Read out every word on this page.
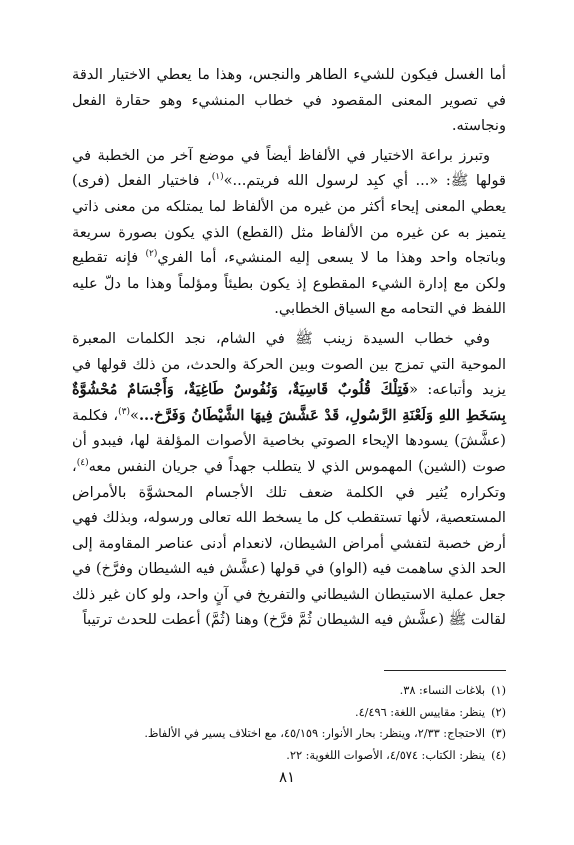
أما الغسل فيكون للشيء الطاهر والنجس، وهذا ما يعطي الاختيار الدقة في تصوير المعنى المقصود في خطاب المنشيء وهو حقارة الفعل ونجاسته.

وتبرز براعة الاختيار في الألفاظ أيضاً في موضع آخر من الخطبة في قولها ﷺ: «... أي كبِد لرسول الله فريتم...»$^{(١)}$، فاختيار الفعل (فرى) يعطي المعنى إيحاء أكثر من غيره من الألفاظ لما يمتلكه من معنى ذاتي يتميز به عن غيره من الألفاظ مثل (القطع) الذي يكون بصورة سريعة وباتجاه واحد وهذا ما لا يسعى إليه المنشيء، أما الفري$^{(٢)}$ فإنه تقطيع ولكن مع إدارة الشيء المقطوع إذ يكون بطيئاً ومؤلماً وهذا ما دلّ عليه اللفظ في التحامه مع السياق الخطابي.

وفي خطاب السيدة زينب ﷺ في الشام، نجد الكلمات المعبرة الموحية التي تمزج بين الصوت وبين الحركة والحدث، من ذلك قولها في يزيد وأتباعه: «فَتِلْكَ قُلُوبٌ قَاسِيَةٌ، وَنُفُوسٌ طَاغِيَةٌ، وَأَجْسَامٌ مُحْشُوَّةٌ بِسَخَطِ اللهِ وَلَعْنَةِ الرَّسُولِ، قَدْ عَشَّشَ فِيهَا الشَّيْطَانُ وَفَرَّخ...»$^{(٣)}$، فكلمة (عشَّشَ) يسودها الإيحاء الصوتي بخاصية الأصوات المؤلفة لها، فيبدو أن صوت (الشين) المهموس الذي لا يتطلب جهداً في جريان النفس معه$^{(٤)}$، وتكراره يُثير في الكلمة ضعف تلك الأجسام المحشوَّة بالأمراض المستعصية، لأنها تستقطب كل ما يسخط الله تعالى ورسوله، وبذلك فهي أرض خصبة لتفشي أمراض الشيطان، لانعدام أدنى عناصر المقاومة إلى الحد الذي ساهمت فيه (الواو) في قولها (عشَّش فيه الشيطان وفرَّخ) في جعل عملية الاستيطان الشيطاني والتفريخ في آنٍ واحد، ولو كان غير ذلك لقالت ﷺ (عشَّش فيه الشيطان ثُمَّ فرَّخ) وهنا (ثُمَّ) أعطت للحدث ترتيباً

(١)بلاغات النساء: ٣٨.
(٢)ينظر: مقاييس اللغة: ٤/٤٩٦.
(٣)الاحتجاج: ٢/٣٣، وينظر: بحار الأنوار: ٤٥/١٥٩، مع اختلاف يسير في الألفاظ.
(٤)ينظر: الكتاب: ٤/٥٧٤، الأصوات اللغوية: ٢٢.
٨١
